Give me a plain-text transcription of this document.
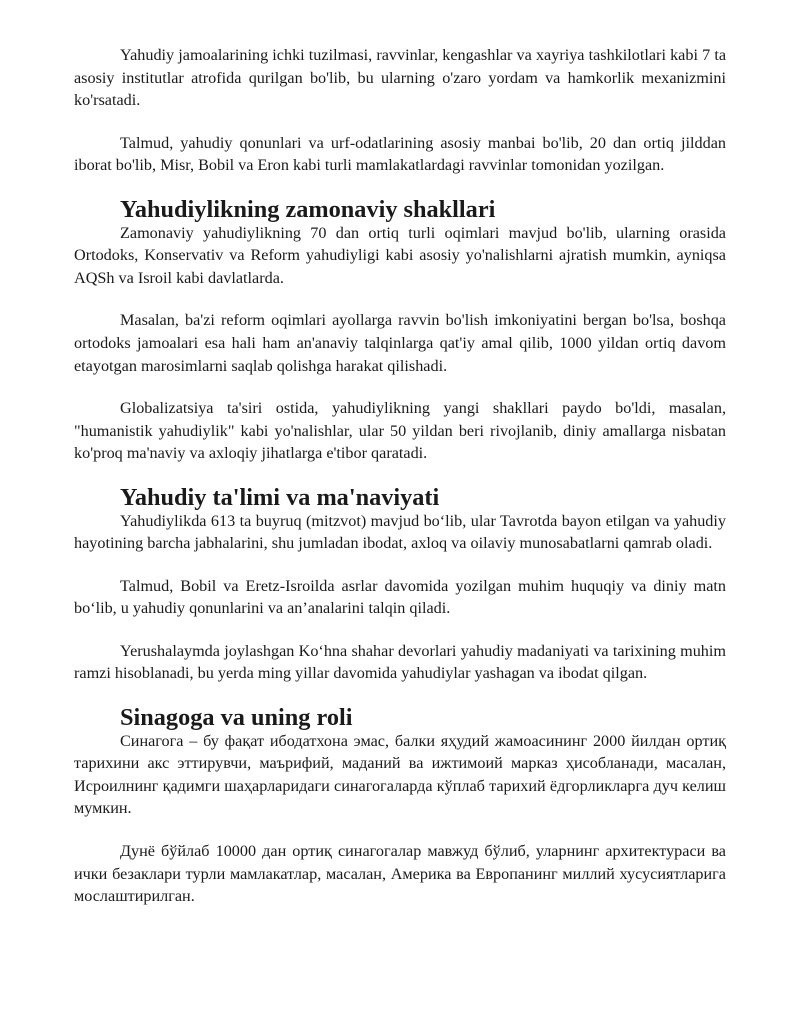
Yahudiy jamoalarining ichki tuzilmasi, ravvinlar, kengashlar va xayriya tashkilotlari kabi 7 ta asosiy institutlar atrofida qurilgan bo'lib, bu ularning o'zaro yordam va hamkorlik mexanizmini ko'rsatadi.

Talmud, yahudiy qonunlari va urf-odatlarining asosiy manbai bo'lib, 20 dan ortiq jilddan iborat bo'lib, Misr, Bobil va Eron kabi turli mamlakatlardagi ravvinlar tomonidan yozilgan.

Yahudiylikning zamonaviy shakllari

Zamonaviy yahudiylikning 70 dan ortiq turli oqimlari mavjud bo'lib, ularning orasida Ortodoks, Konservativ va Reform yahudiyligi kabi asosiy yo'nalishlarni ajratish mumkin, ayniqsa AQSh va Isroil kabi davlatlarda.

Masalan, ba'zi reform oqimlari ayollarga ravvin bo'lish imkoniyatini bergan bo'lsa, boshqa ortodoks jamoalari esa hali ham an'anaviy talqinlarga qat'iy amal qilib, 1000 yildan ortiq davom etayotgan marosimlarni saqlab qolishga harakat qilishadi.

Globalizatsiya ta'siri ostida, yahudiylikning yangi shakllari paydo bo'ldi, masalan, "humanistik yahudiylik" kabi yo'nalishlar, ular 50 yildan beri rivojlanib, diniy amallarga nisbatan ko'proq ma'naviy va axloqiy jihatlarga e'tibor qaratadi.

Yahudiy ta'limi va ma'naviyati

Yahudiylikda 613 ta buyruq (mitzvot) mavjud bo‘lib, ular Tavrotda bayon etilgan va yahudiy hayotining barcha jabhalarini, shu jumladan ibodat, axloq va oilaviy munosabatlarni qamrab oladi.

Talmud, Bobil va Eretz-Isroilda asrlar davomida yozilgan muhim huquqiy va diniy matn bo‘lib, u yahudiy qonunlarini va an’analarini talqin qiladi.

Yerushalaymda joylashgan Ko‘hna shahar devorlari yahudiy madaniyati va tarixining muhim ramzi hisoblanadi, bu yerda ming yillar davomida yahudiylar yashagan va ibodat qilgan.

Sinagoga va uning roli

Синагога – бу фақат ибодатхона эмас, балки яҳудий жамоасининг 2000 йилдан ортиқ тарихини акс эттирувчи, маърифий, маданий ва ижтимоий марказ ҳисобланади, масалан, Исроилнинг қадимги шаҳарларидаги синагогаларда кўплаб тарихий ёдгорликларга дуч келиш мумкин.

Дунё бўйлаб 10000 дан ортиқ синагогалар мавжуд бўлиб, уларнинг архитектураси ва ички безаклари турли мамлакатлар, масалан, Америка ва Европанинг миллий хусусиятларига мослаштирилган.
